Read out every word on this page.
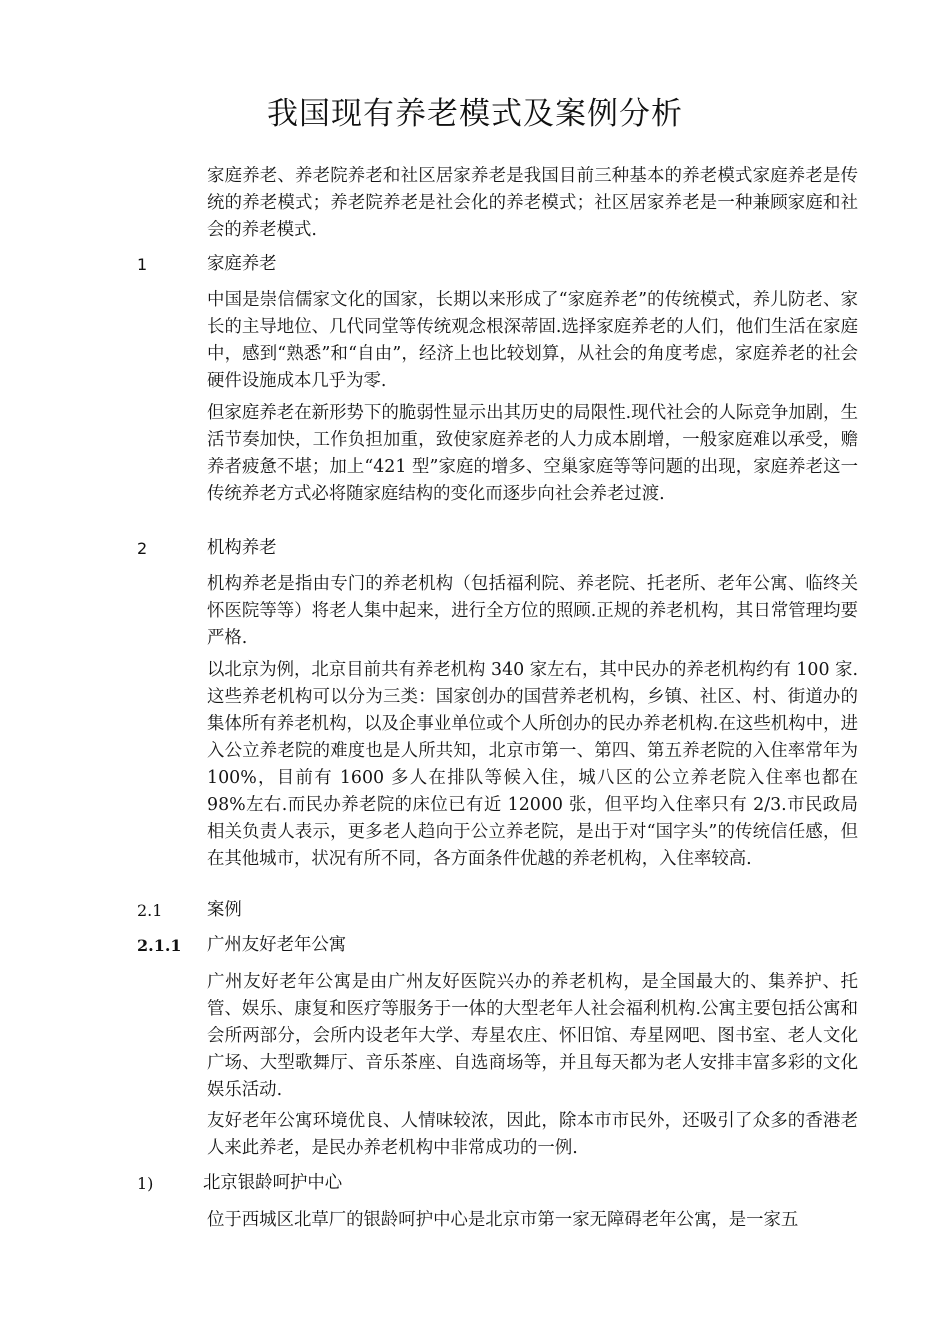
我国现有养老模式及案例分析
家庭养老、养老院养老和社区居家养老是我国目前三种基本的养老模式家庭养老是传统的养老模式；养老院养老是社会化的养老模式；社区居家养老是一种兼顾家庭和社会的养老模式.
1	家庭养老
中国是崇信儒家文化的国家，长期以来形成了“家庭养老”的传统模式，养儿防老、家长的主导地位、几代同堂等传统观念根深蒂固.选择家庭养老的人们，他们生活在家庭中，感到“熟悉”和“自由”，经济上也比较划算，从社会的角度考虑，家庭养老的社会硬件设施成本几乎为零.
但家庭养老在新形势下的脆弱性显示出其历史的局限性.现代社会的人际竞争加剧，生活节奏加快，工作负担加重，致使家庭养老的人力成本剧增，一般家庭难以承受，赡养者疲惫不堪；加上“421 型”家庭的增多、空巢家庭等等问题的出现，家庭养老这一传统养老方式必将随家庭结构的变化而逐步向社会养老过渡.
2	机构养老
机构养老是指由专门的养老机构（包括福利院、养老院、托老所、老年公寓、临终关怀医院等等）将老人集中起来，进行全方位的照顾.正规的养老机构，其日常管理均要严格.
以北京为例，北京目前共有养老机构 340 家左右，其中民办的养老机构约有 100 家.这些养老机构可以分为三类：国家创办的国营养老机构，乡镇、社区、村、街道办的集体所有养老机构，以及企事业单位或个人所创办的民办养老机构.在这些机构中，进入公立养老院的难度也是人所共知，北京市第一、第四、第五养老院的入住率常年为 100%，目前有 1600 多人在排队等候入住，城八区的公立养老院入住率也都在 98%左右.而民办养老院的床位已有近 12000 张，但平均入住率只有 2/3.市民政局相关负责人表示，更多老人趋向于公立养老院，是出于对“国字头”的传统信任感，但在其他城市，状况有所不同，各方面条件优越的养老机构，入住率较高.
2.1	案例
2.1.1 广州友好老年公寓
广州友好老年公寓是由广州友好医院兴办的养老机构，是全国最大的、集养护、托管、娱乐、康复和医疗等服务于一体的大型老年人社会福利机构.公寓主要包括公寓和会所两部分，会所内设老年大学、寿星农庄、怀旧馆、寿星网吧、图书室、老人文化广场、大型歌舞厅、音乐茶座、自选商场等，并且每天都为老人安排丰富多彩的文化娱乐活动.
友好老年公寓环境优良、人情味较浓，因此，除本市市民外，还吸引了众多的香港老人来此养老，是民办养老机构中非常成功的一例.
1)	北京银龄呵护中心
位于西城区北草厂的银龄呵护中心是北京市第一家无障碍老年公寓，是一家五
